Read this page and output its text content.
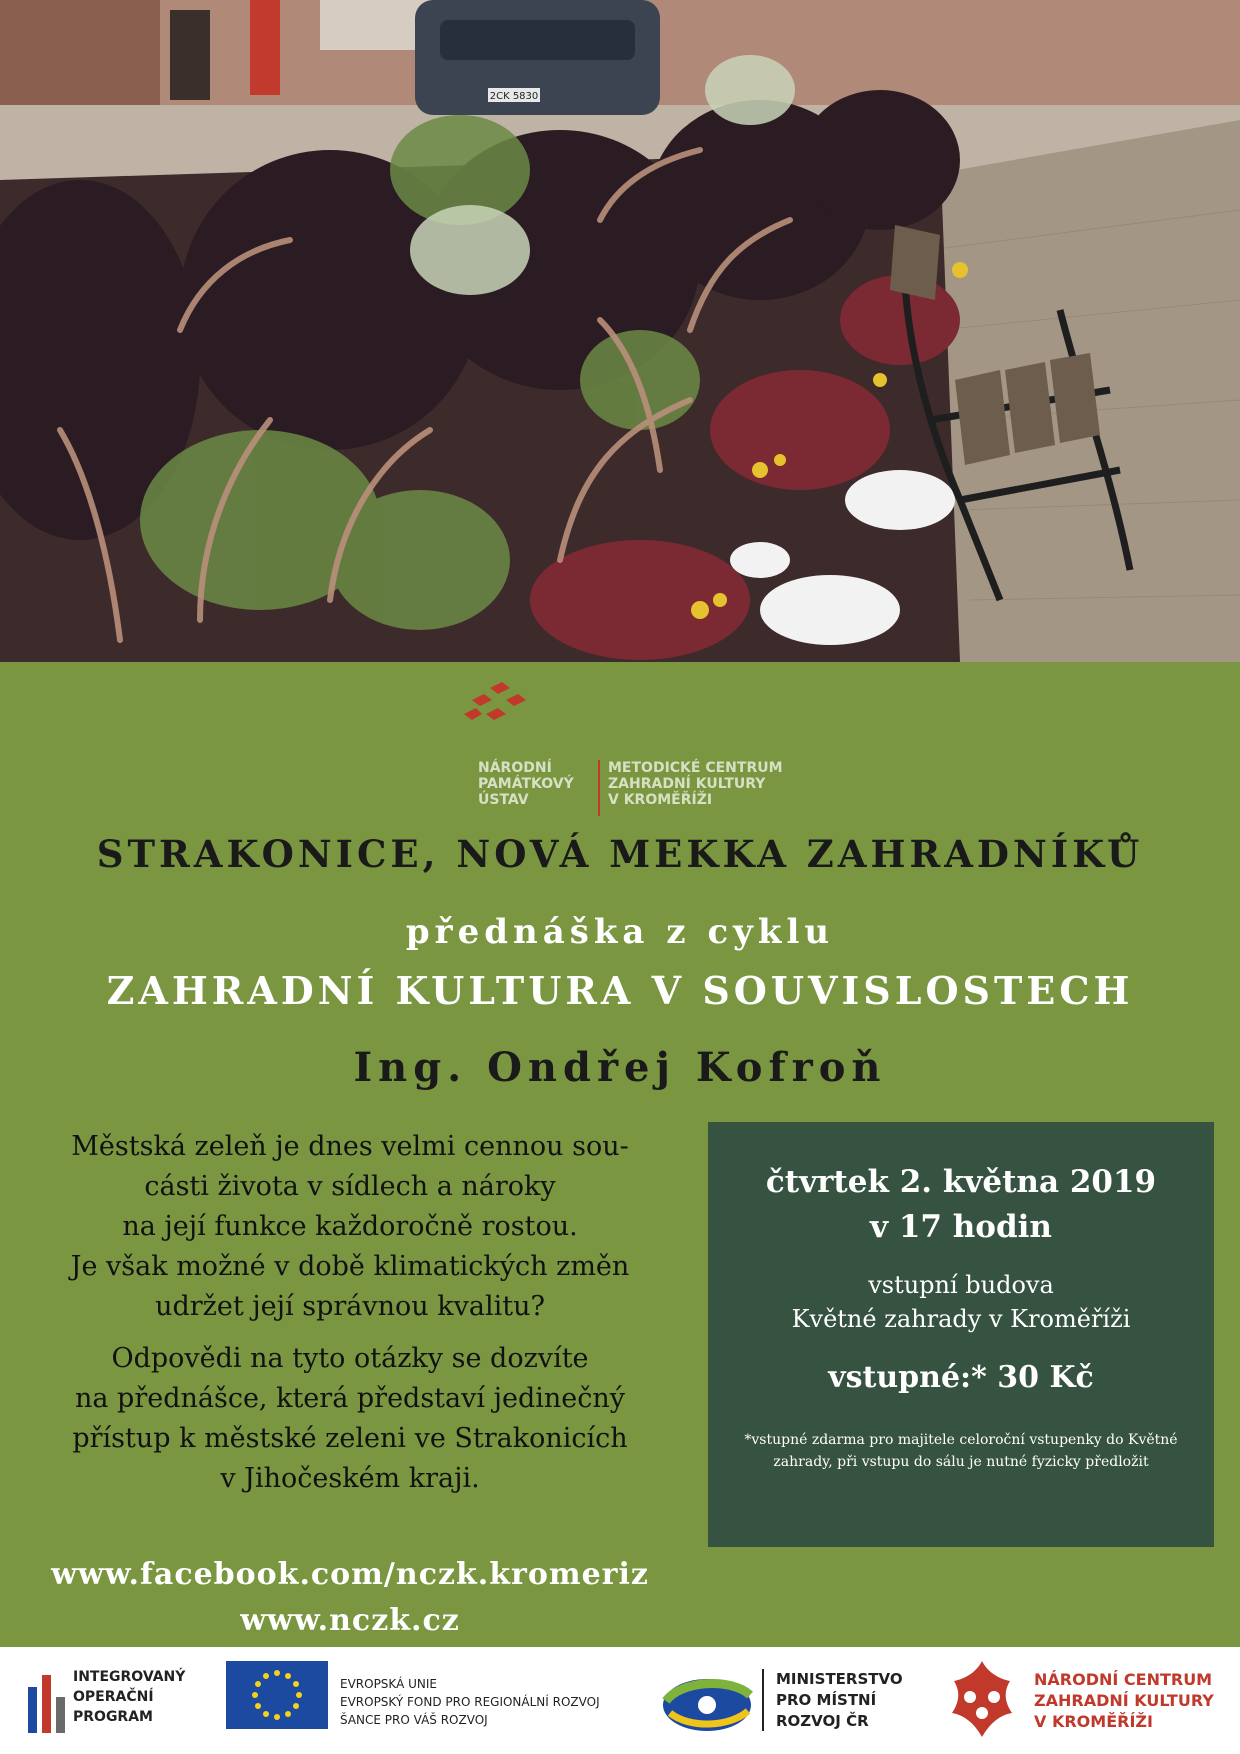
2CK 5830
NÁRODNÍ
PAMÁTKOVÝ
ÚSTAV
METODICKÉ CENTRUM
ZAHRADNÍ KULTURY
V KROMĚŘÍŽI
STRAKONICE, NOVÁ MEKKA ZAHRADNÍKŮ
přednáška z cyklu
ZAHRADNÍ KULTURA V SOUVISLOSTECH
Ing. Ondřej Kofroň

Městská zeleň je dnes velmi cennou sou-
cásti života v sídlech a nároky
na její funkce každoročně rostou.
Je však možné v době klimatických změn
udržet její správnou kvalitu?

Odpovědi na tyto otázky se dozvíte
na přednášce, která představí jedinečný
přístup k městské zeleni ve Strakonicích
v Jihočeském kraji.

čtvrtek 2. května 2019
v 17 hodin
vstupní budova
Květné zahrady v Kroměříži
vstupné:* 30 Kč
*vstupné zdarma pro majitele celoroční vstupenky do Květné zahrady, při vstupu do sálu je nutné fyzicky předložit
www.facebook.com/nczk.kromeriz
www.nczk.cz
INTEGROVANÝ
OPERAČNÍ
PROGRAM
EVROPSKÁ UNIE
EVROPSKÝ FOND PRO REGIONÁLNÍ ROZVOJ
ŠANCE PRO VÁŠ ROZVOJ
MINISTERSTVO
PRO MÍSTNÍ
ROZVOJ ČR
NÁRODNÍ CENTRUM
ZAHRADNÍ KULTURY
V KROMĚŘÍŽI
